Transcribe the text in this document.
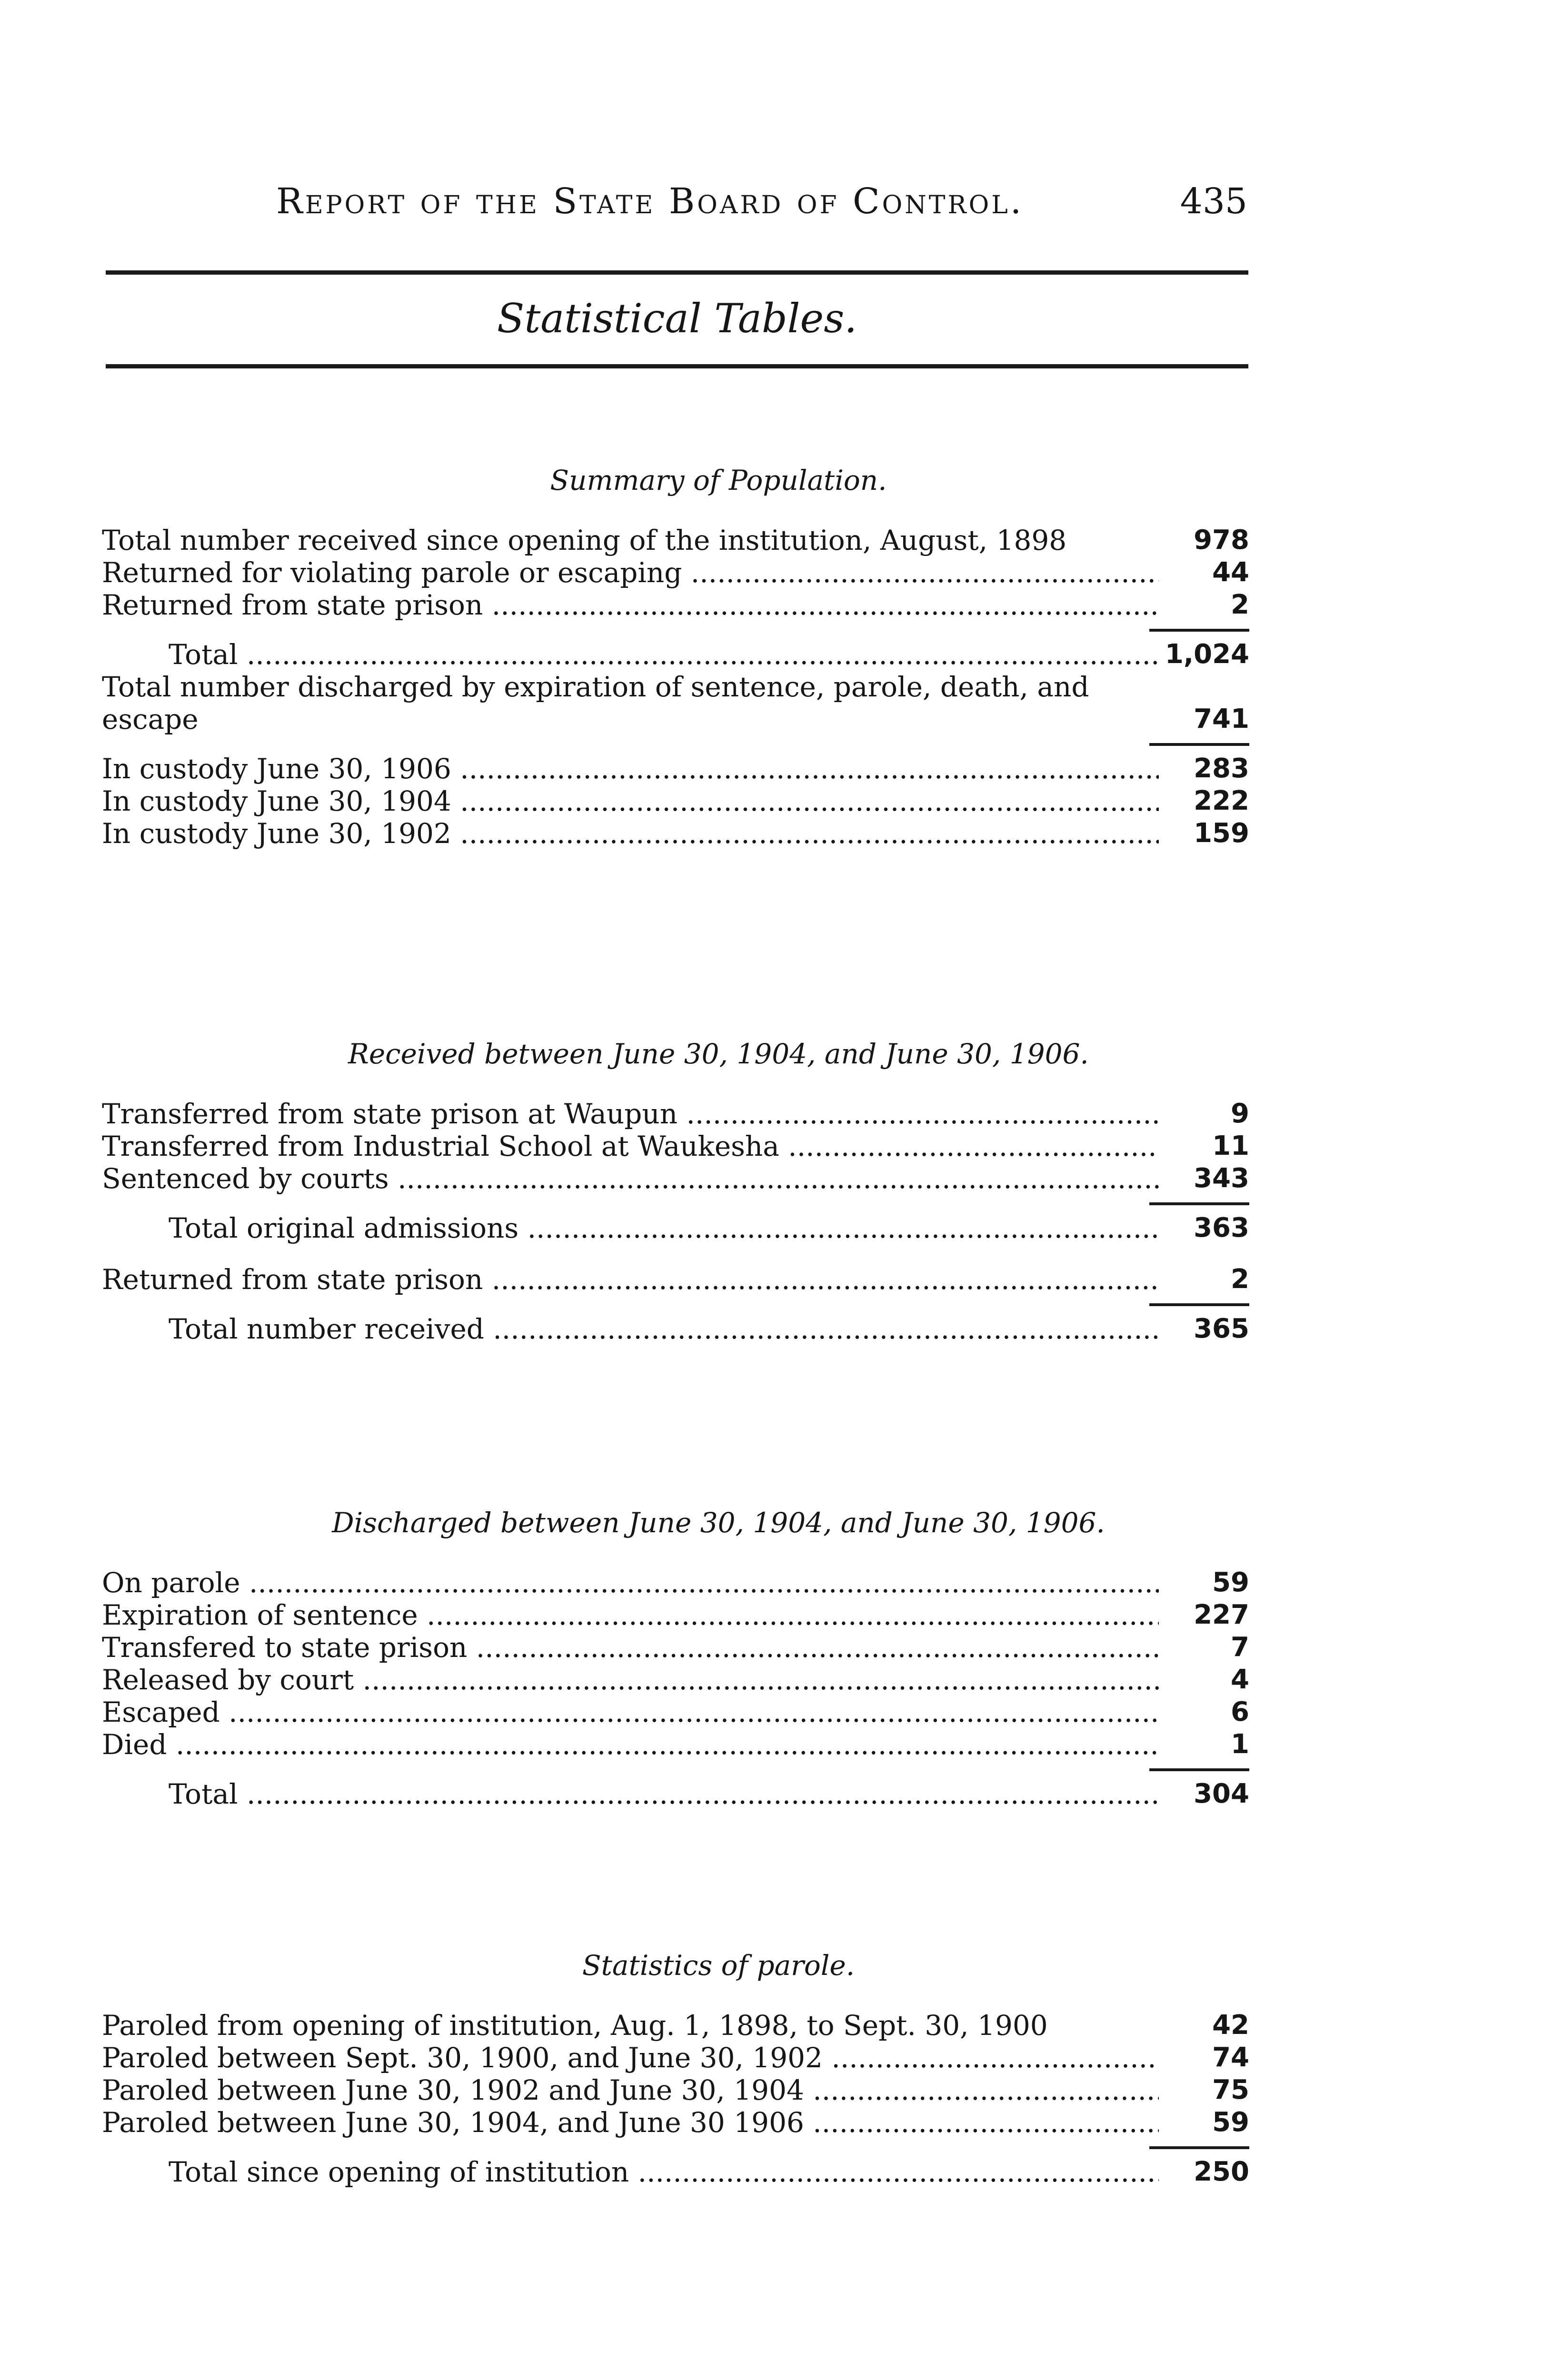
Report of the State Board of Control.	435
Statistical Tables.
Summary of Population.
Total number received since opening of the institution, August, 1898	978
Returned for violating parole or escaping .....	44
Returned from state prison .....	2
Total .....	1,024
Total number discharged by expiration of sentence, parole, death, and escape	741
In custody June 30, 1906 .....	283
In custody June 30, 1904 .....	222
In custody June 30, 1902 .....	159
Received between June 30, 1904, and June 30, 1906.
Transferred from state prison at Waupun .....	9
Transferred from Industrial School at Waukesha .....	11
Sentenced by courts .....	343
Total original admissions .....	363
Returned from state prison .....	2
Total number received .....	365
Discharged between June 30, 1904, and June 30, 1906.
On parole .....	59
Expiration of sentence .....	227
Transfered to state prison .....	7
Released by court .....	4
Escaped .....	6
Died .....	1
Total .....	304
Statistics of parole.
Paroled from opening of institution, Aug. 1, 1898, to Sept. 30, 1900	42
Paroled between Sept. 30, 1900, and June 30, 1902 .....	74
Paroled between June 30, 1902 and June 30, 1904 .....	75
Paroled between June 30, 1904, and June 30 1906 .....	59
Total since opening of institution .....	250
